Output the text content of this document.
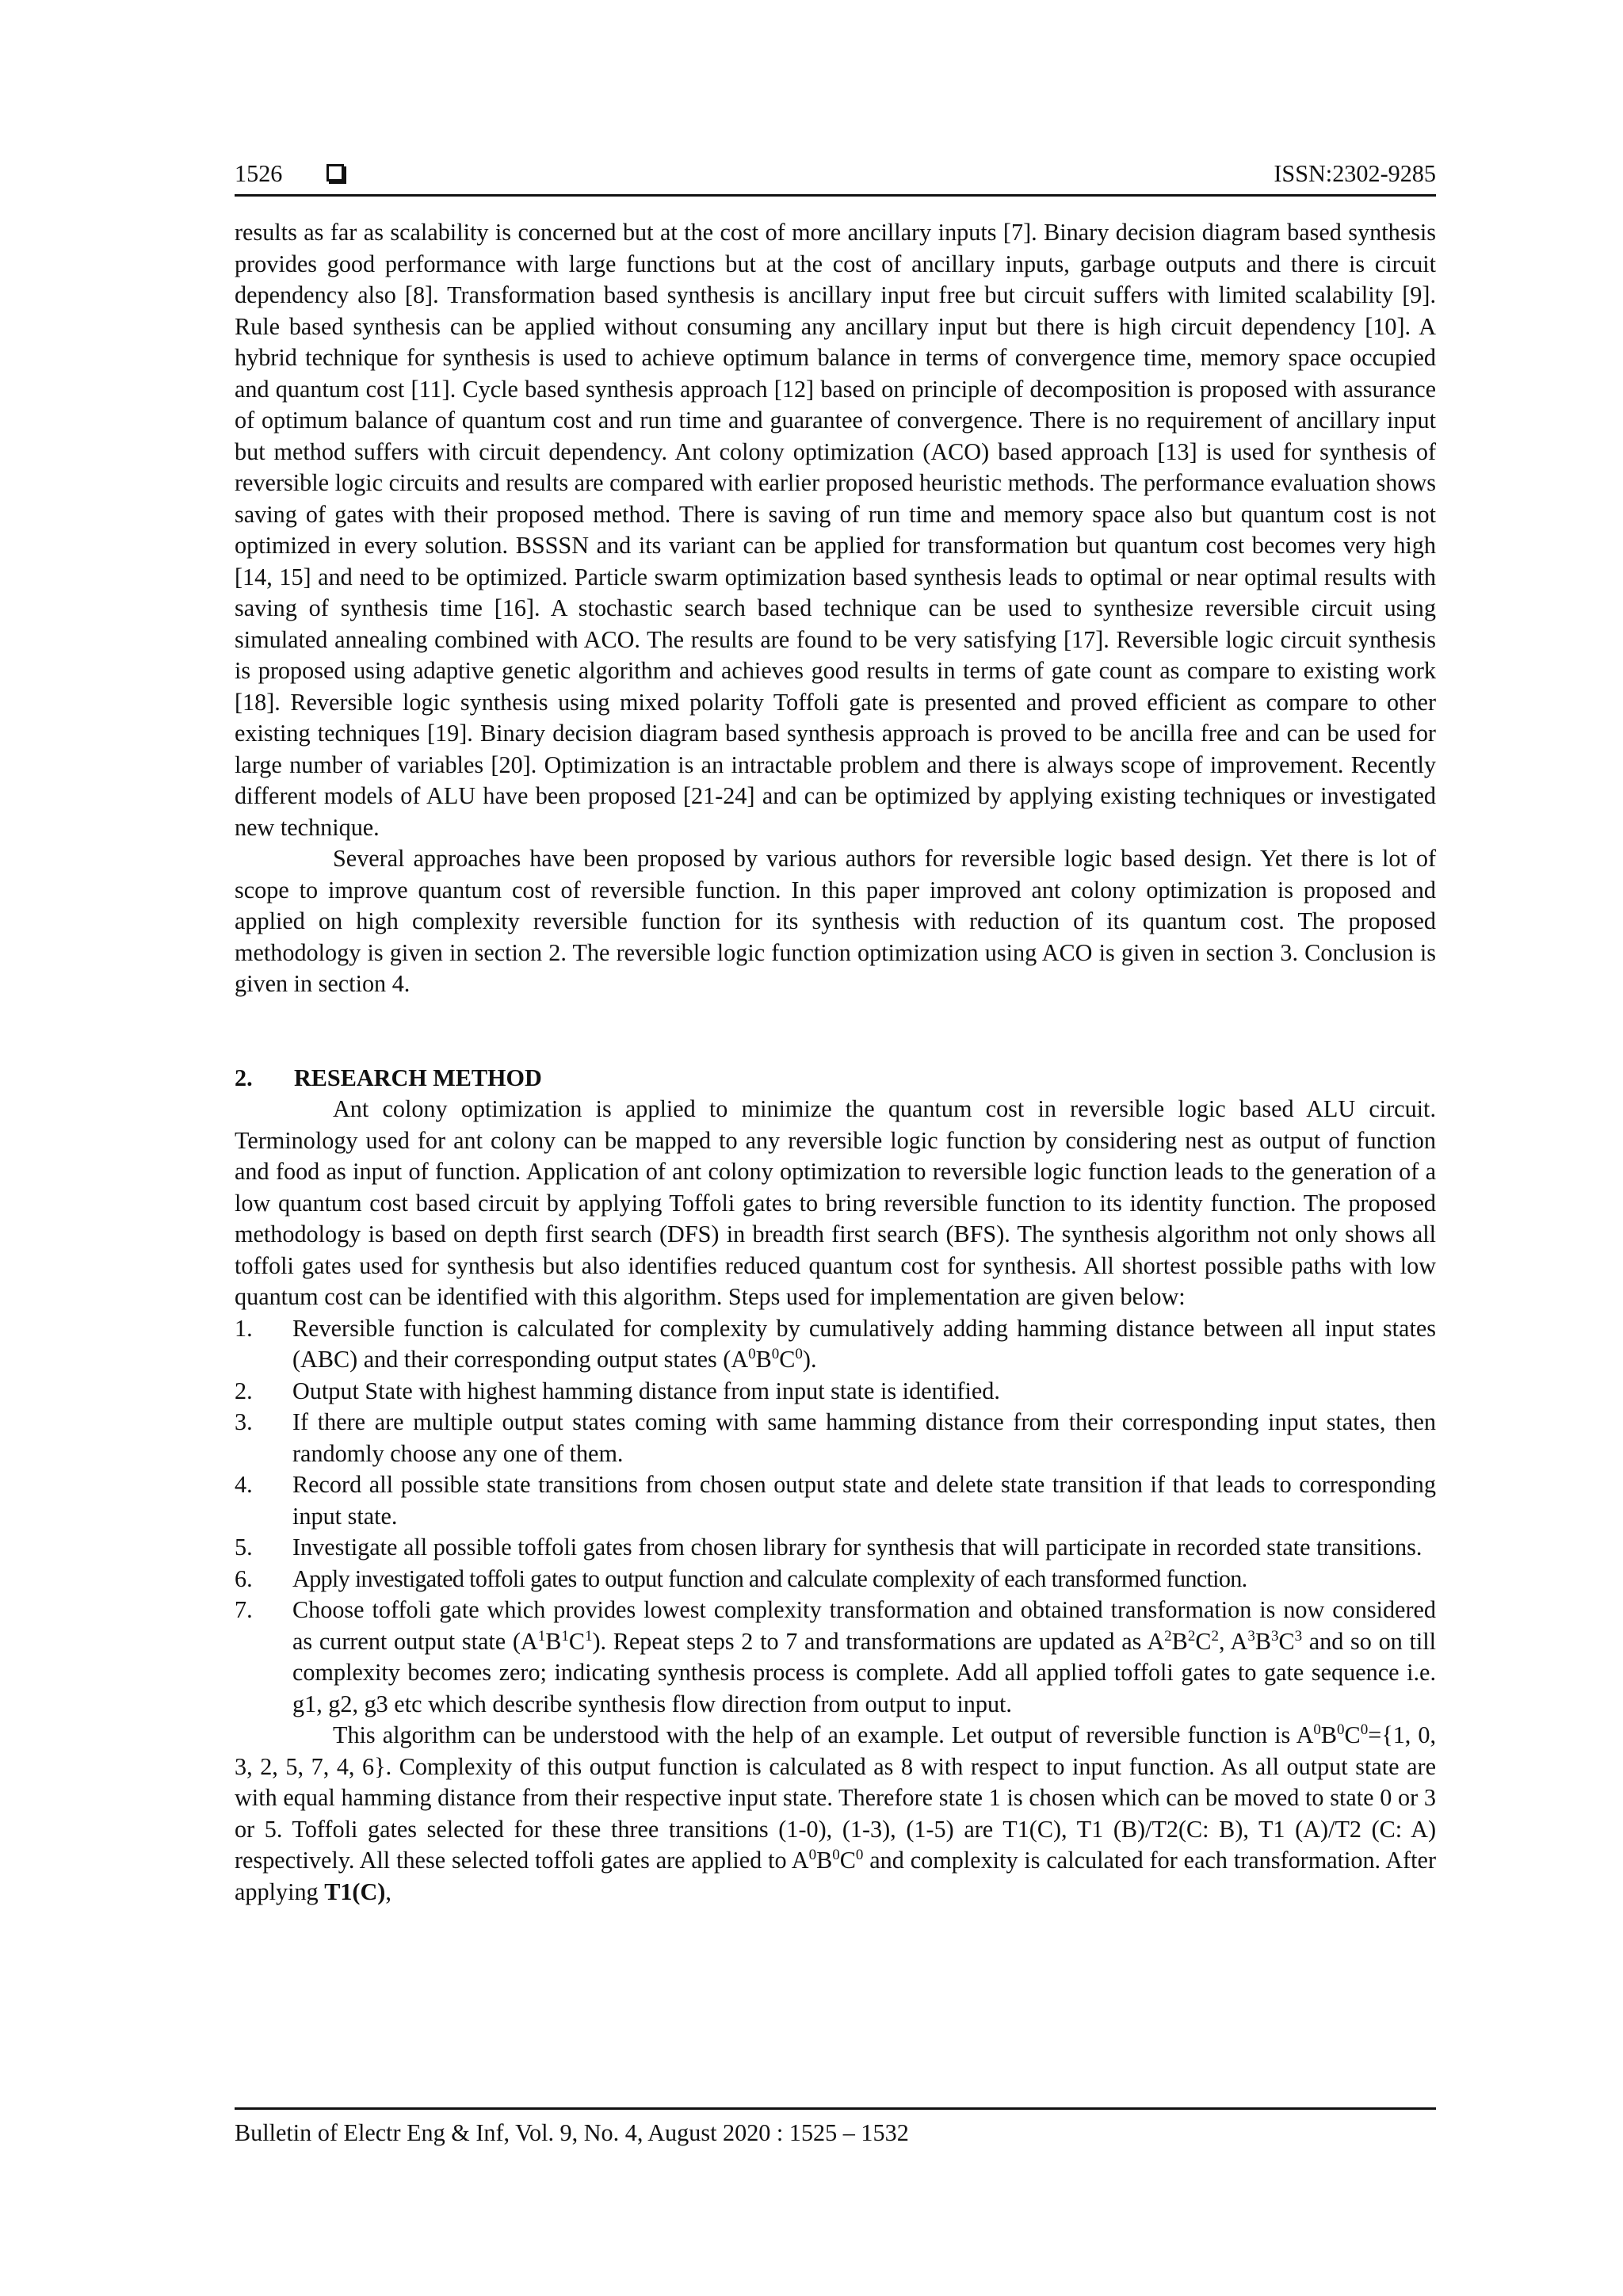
1526	ISSN:2302-9285

results as far as scalability is concerned but at the cost of more ancillary inputs [7]. Binary decision diagram based synthesis provides good performance with large functions but at the cost of ancillary inputs, garbage outputs and there is circuit dependency also [8]. Transformation based synthesis is ancillary input free but circuit suffers with limited scalability [9]. Rule based synthesis can be applied without consuming any ancillary input but there is high circuit dependency [10]. A hybrid technique for synthesis is used to achieve optimum balance in terms of convergence time, memory space occupied and quantum cost [11]. Cycle based synthesis approach [12] based on principle of decomposition is proposed with assurance of optimum balance of quantum cost and run time and guarantee of convergence. There is no requirement of ancillary input but method suffers with circuit dependency. Ant colony optimization (ACO) based approach [13] is used for synthesis of reversible logic circuits and results are compared with earlier proposed heuristic methods. The performance evaluation shows saving of gates with their proposed method. There is saving of run time and memory space also but quantum cost is not optimized in every solution. BSSSN and its variant can be applied for transformation but quantum cost becomes very high [14, 15] and need to be optimized. Particle swarm optimization based synthesis leads to optimal or near optimal results with saving of synthesis time [16]. A stochastic search based technique can be used to synthesize reversible circuit using simulated annealing combined with ACO. The results are found to be very satisfying [17]. Reversible logic circuit synthesis is proposed using adaptive genetic algorithm and achieves good results in terms of gate count as compare to existing work [18]. Reversible logic synthesis using mixed polarity Toffoli gate is presented and proved efficient as compare to other existing techniques [19]. Binary decision diagram based synthesis approach is proved to be ancilla free and can be used for large number of variables [20]. Optimization is an intractable problem and there is always scope of improvement. Recently different models of ALU have been proposed [21-24] and can be optimized by applying existing techniques or investigated new technique.

Several approaches have been proposed by various authors for reversible logic based design. Yet there is lot of scope to improve quantum cost of reversible function. In this paper improved ant colony optimization is proposed and applied on high complexity reversible function for its synthesis with reduction of its quantum cost. The proposed methodology is given in section 2. The reversible logic function optimization using ACO is given in section 3. Conclusion is given in section 4.

2.	RESEARCH METHOD

Ant colony optimization is applied to minimize the quantum cost in reversible logic based ALU circuit. Terminology used for ant colony can be mapped to any reversible logic function by considering nest as output of function and food as input of function. Application of ant colony optimization to reversible logic function leads to the generation of a low quantum cost based circuit by applying Toffoli gates to bring reversible function to its identity function. The proposed methodology is based on depth first search (DFS) in breadth first search (BFS). The synthesis algorithm not only shows all toffoli gates used for synthesis but also identifies reduced quantum cost for synthesis. All shortest possible paths with low quantum cost can be identified with this algorithm. Steps used for implementation are given below:

1.	Reversible function is calculated for complexity by cumulatively adding hamming distance between all input states (ABC) and their corresponding output states $(A^0B^0C^0)$.
2.	Output State with highest hamming distance from input state is identified.
3.	If there are multiple output states coming with same hamming distance from their corresponding input states, then randomly choose any one of them.
4.	Record all possible state transitions from chosen output state and delete state transition if that leads to corresponding input state.
5.	Investigate all possible toffoli gates from chosen library for synthesis that will participate in recorded state transitions.
6.	Apply investigated toffoli gates to output function and calculate complexity of each transformed function.
7.	Choose toffoli gate which provides lowest complexity transformation and obtained transformation is now considered as current output state $(A^1B^1C^1)$. Repeat steps 2 to 7 and transformations are updated as $A^2B^2C^2$, $A^3B^3C^3$ and so on till complexity becomes zero; indicating synthesis process is complete. Add all applied toffoli gates to gate sequence i.e. g1, g2, g3 etc which describe synthesis flow direction from output to input.

This algorithm can be understood with the help of an example. Let output of reversible function is $A^0B^0C^0=\{1$, 0, 3, 2, 5, 7, 4, 6}. Complexity of this output function is calculated as 8 with respect to input function. As all output state are with equal hamming distance from their respective input state. Therefore state 1 is chosen which can be moved to state 0 or 3 or 5. Toffoli gates selected for these three transitions (1-0), (1-3), (1-5) are T1(C), T1 (B)/T2(C: B), T1 (A)/T2 (C: A) respectively. All these selected toffoli gates are applied to $A^0B^0C^0$ and complexity is calculated for each transformation. After applying T1(C),

Bulletin of Electr Eng & Inf, Vol. 9, No. 4, August 2020 : 1525 – 1532
